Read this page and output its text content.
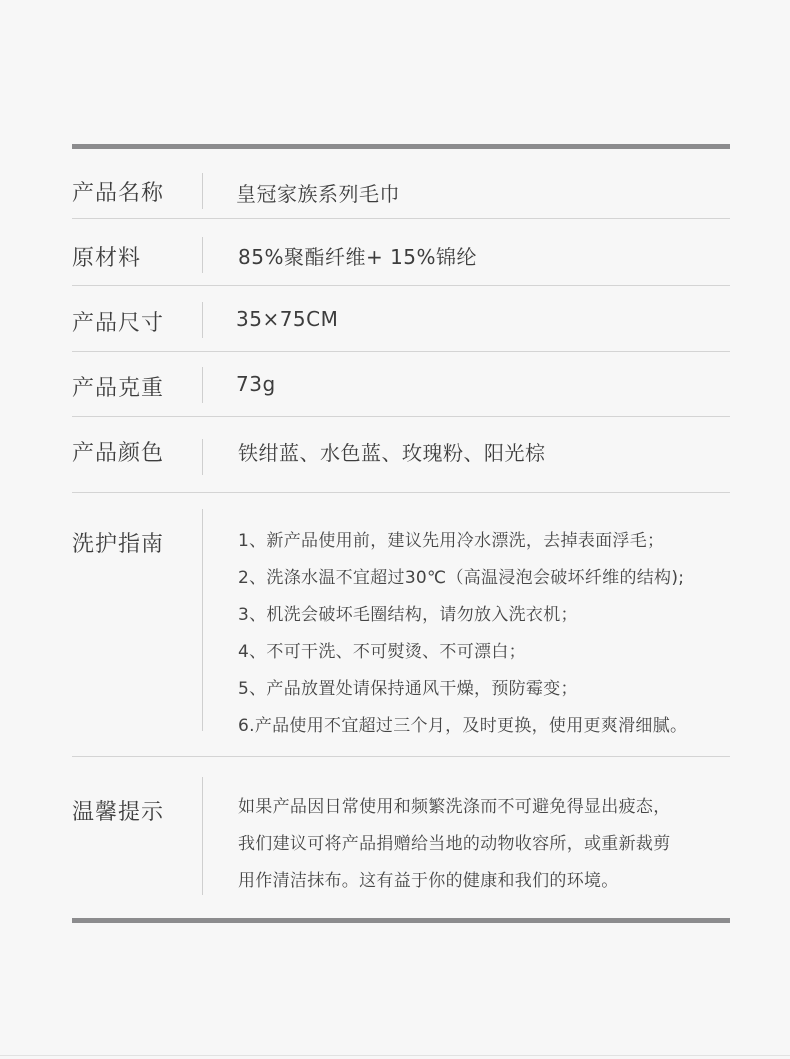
产品名称	皇冠家族系列毛巾
原材料	85%聚酯纤维+ 15%锦纶
产品尺寸	35×75CM
产品克重	73g
产品颜色	铁绀蓝、水色蓝、玫瑰粉、阳光棕
洗护指南	1、新产品使用前，建议先用冷水漂洗，去掉表面浮毛；
2、洗涤水温不宜超过30℃（高温浸泡会破坏纤维的结构);
3、机洗会破坏毛圈结构，请勿放入洗衣机；
4、不可干洗、不可熨烫、不可漂白；
5、产品放置处请保持通风干燥，预防霉变；
6.产品使用不宜超过三个月，及时更换，使用更爽滑细腻。
温馨提示	如果产品因日常使用和频繁洗涤而不可避免得显出疲态，
我们建议可将产品捐赠给当地的动物收容所，或重新裁剪
用作清洁抹布。这有益于你的健康和我们的环境。
